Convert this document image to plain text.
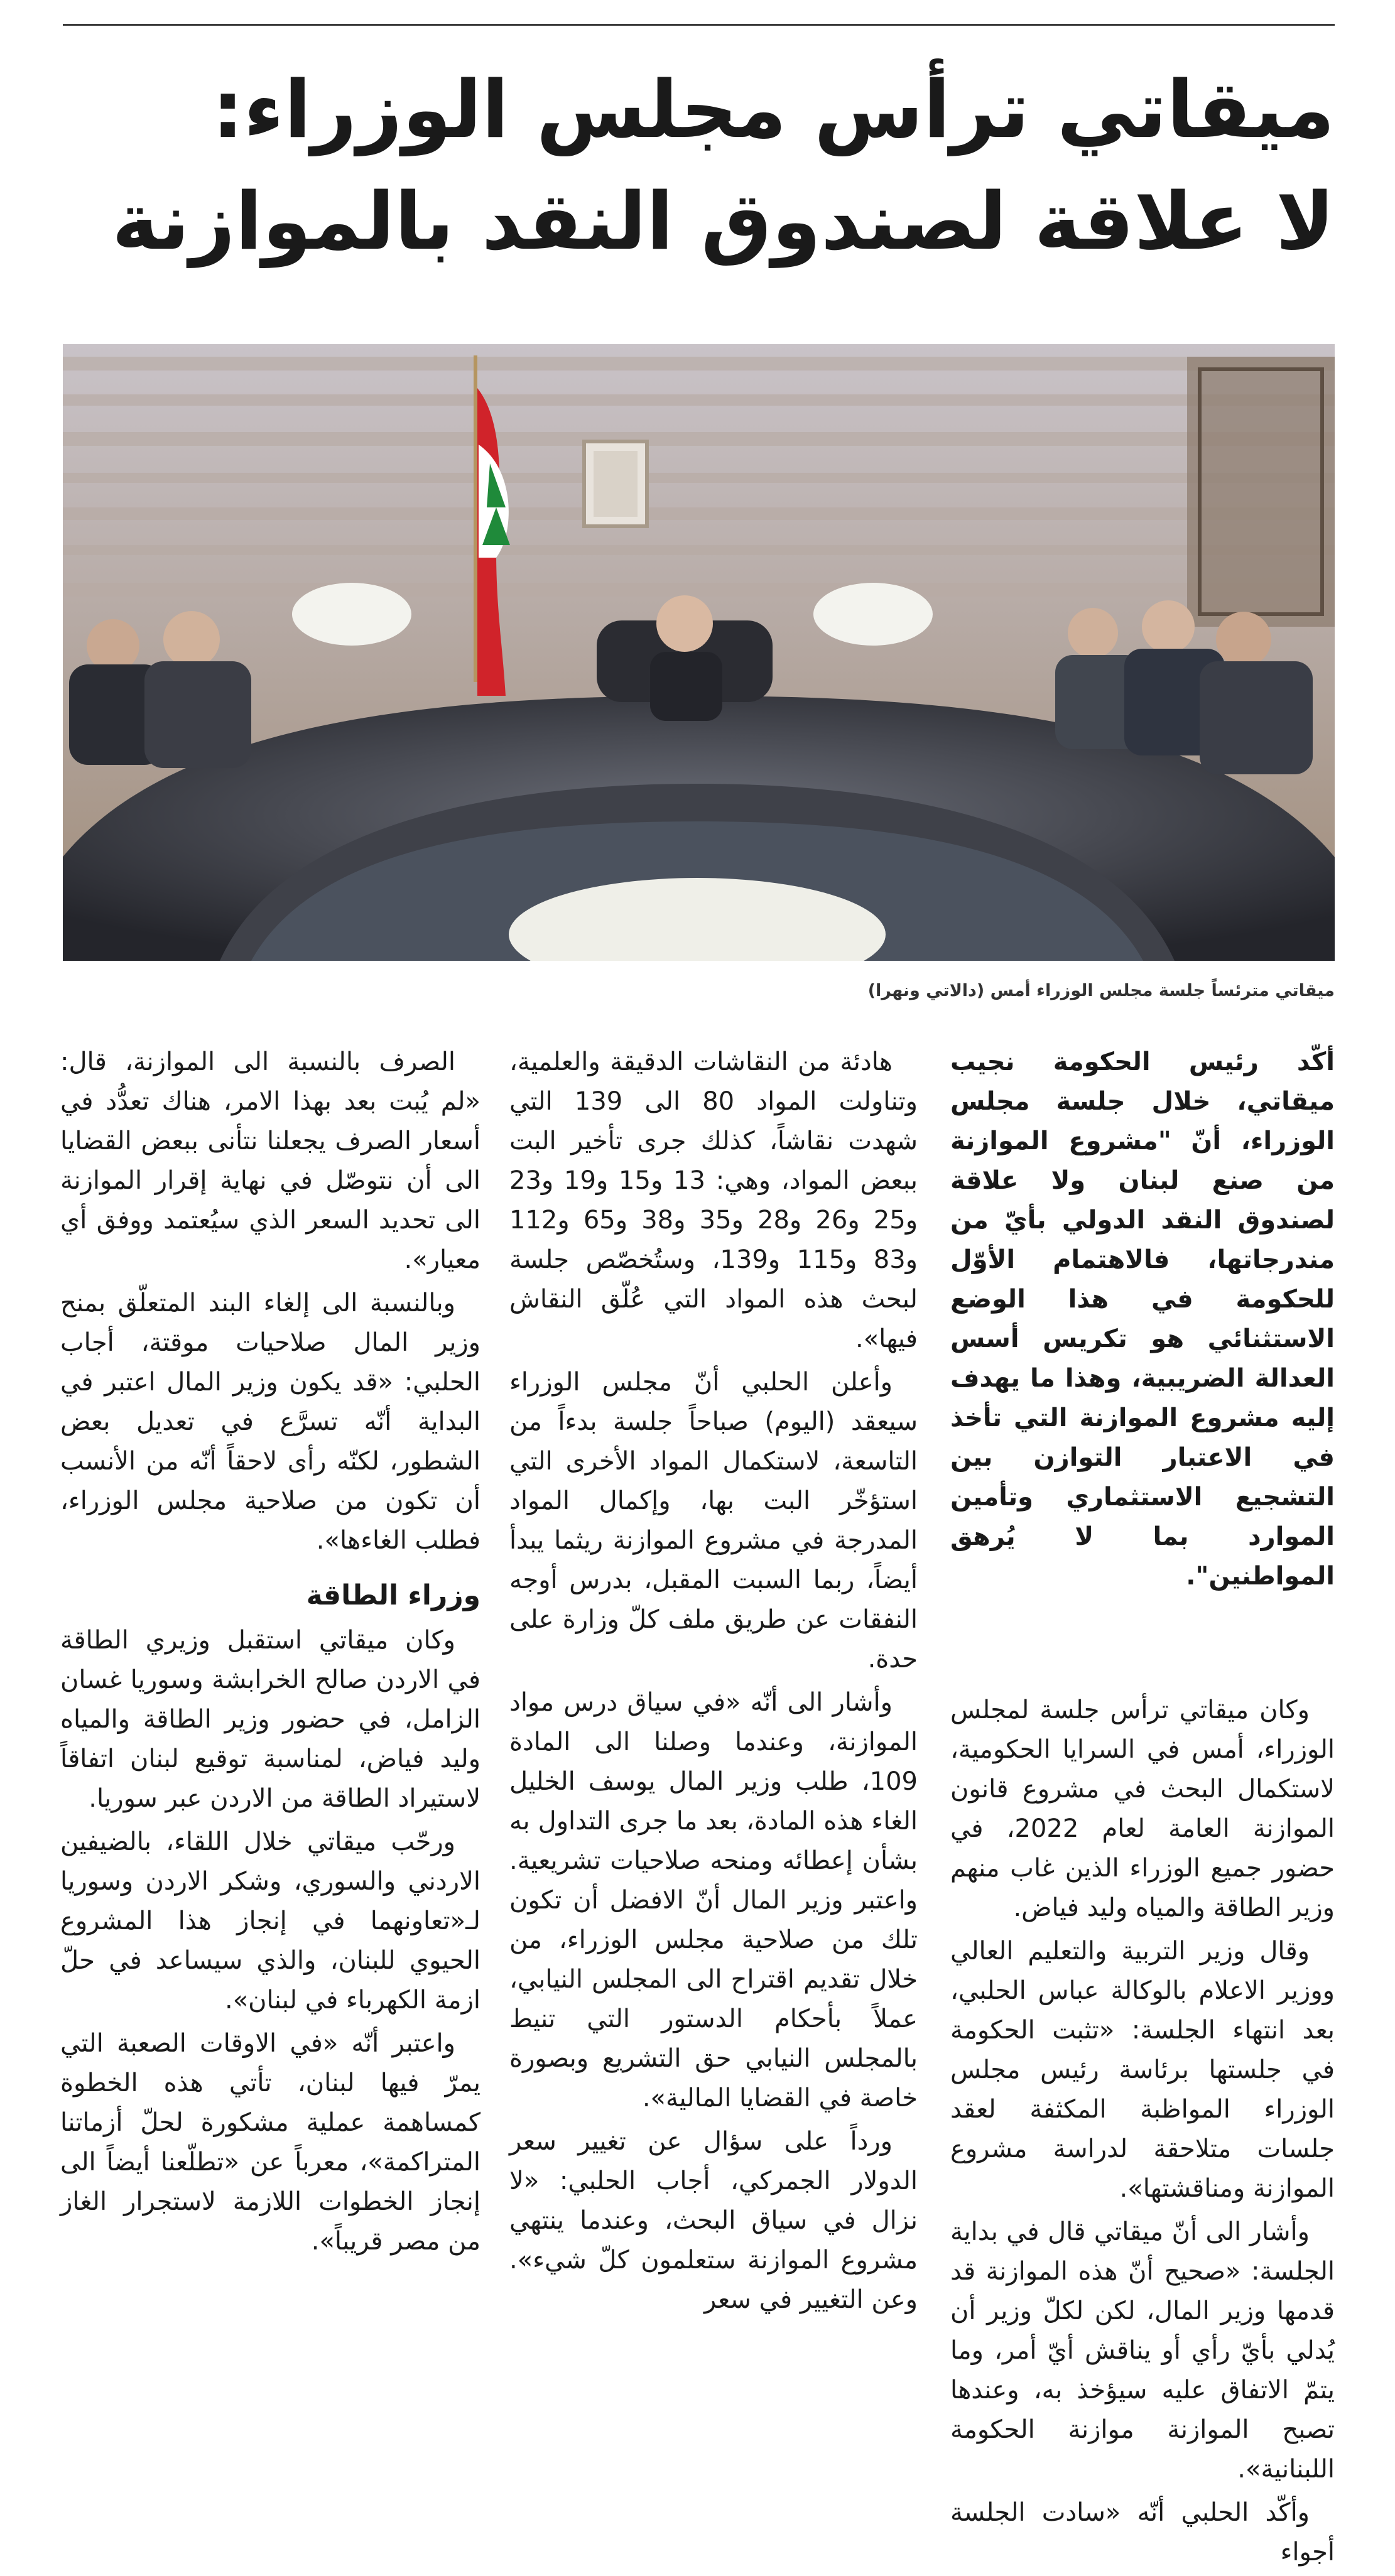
ميقاتي ترأس مجلس الوزراء:
لا علاقة لصندوق النقد بالموازنة
ميقاتي مترئساً جلسة مجلس الوزراء أمس (دالاتي ونهرا)

أكّد رئيس الحكومة نجيب ميقاتي، خلال جلسة مجلس الوزراء، أنّ "مشروع الموازنة من صنع لبنان ولا علاقة لصندوق النقد الدولي بأيّ من مندرجاتها، فالاهتمام الأوّل للحكومة في هذا الوضع الاستثنائي هو تكريس أسس العدالة الضريبية، وهذا ما يهدف إليه مشروع الموازنة التي تأخذ في الاعتبار التوازن بين التشجيع الاستثماري وتأمين الموارد بما لا يُرهق المواطنين".

وكان ميقاتي ترأس جلسة لمجلس الوزراء، أمس في السرايا الحكومية، لاستكمال البحث في مشروع قانون الموازنة العامة لعام 2022، في حضور جميع الوزراء الذين غاب منهم وزير الطاقة والمياه وليد فياض.

وقال وزير التربية والتعليم العالي ووزير الاعلام بالوكالة عباس الحلبي، بعد انتهاء الجلسة: «تثبت الحكومة في جلستها برئاسة رئيس مجلس الوزراء المواظبة المكثفة لعقد جلسات متلاحقة لدراسة مشروع الموازنة ومناقشتها».

وأشار الى أنّ ميقاتي قال في بداية الجلسة: «صحيح أنّ هذه الموازنة قد قدمها وزير المال، لكن لكلّ وزير أن يُدلي بأيّ رأي أو يناقش أيّ أمر، وما يتمّ الاتفاق عليه سيؤخذ به، وعندها تصبح الموازنة موازنة الحكومة اللبنانية».

وأكّد الحلبي أنّه «سادت الجلسة أجواء

هادئة من النقاشات الدقيقة والعلمية، وتناولت المواد 80 الى 139 التي شهدت نقاشاً، كذلك جرى تأخير البت ببعض المواد، وهي: 13 و15 و19 و23 و25 و26 و28 و35 و38 و65 و112 و83 و115 و139، وستُخصّص جلسة لبحث هذه المواد التي عُلّق النقاش فيها».

وأعلن الحلبي أنّ مجلس الوزراء سيعقد (اليوم) صباحاً جلسة بدءاً من التاسعة، لاستكمال المواد الأخرى التي استؤخّر البت بها، وإكمال المواد المدرجة في مشروع الموازنة ريثما يبدأ أيضاً، ربما السبت المقبل، بدرس أوجه النفقات عن طريق ملف كلّ وزارة على حدة.

وأشار الى أنّه «في سياق درس مواد الموازنة، وعندما وصلنا الى المادة 109، طلب وزير المال يوسف الخليل الغاء هذه المادة، بعد ما جرى التداول به بشأن إعطائه ومنحه صلاحيات تشريعية. واعتبر وزير المال أنّ الافضل أن تكون تلك من صلاحية مجلس الوزراء، من خلال تقديم اقتراح الى المجلس النيابي، عملاً بأحكام الدستور التي تنيط بالمجلس النيابي حق التشريع وبصورة خاصة في القضايا المالية».

ورداً على سؤال عن تغيير سعر الدولار الجمركي، أجاب الحلبي: «لا نزال في سياق البحث، وعندما ينتهي مشروع الموازنة ستعلمون كلّ شيء». وعن التغيير في سعر

الصرف بالنسبة الى الموازنة، قال: «لم يُبت بعد بهذا الامر، هناك تعدُّد في أسعار الصرف يجعلنا نتأنى ببعض القضايا الى أن نتوصّل في نهاية إقرار الموازنة الى تحديد السعر الذي سيُعتمد ووفق أي معيار».

وبالنسبة الى إلغاء البند المتعلّق بمنح وزير المال صلاحيات موقتة، أجاب الحلبي: «قد يكون وزير المال اعتبر في البداية أنّه تسرَّع في تعديل بعض الشطور، لكنّه رأى لاحقاً أنّه من الأنسب أن تكون من صلاحية مجلس الوزراء، فطلب الغاءها».

وزراء الطاقة

وكان ميقاتي استقبل وزيري الطاقة في الاردن صالح الخرابشة وسوريا غسان الزامل، في حضور وزير الطاقة والمياه وليد فياض، لمناسبة توقيع لبنان اتفاقاً لاستيراد الطاقة من الاردن عبر سوريا.

ورحّب ميقاتي خلال اللقاء، بالضيفين الاردني والسوري، وشكر الاردن وسوريا لـ«تعاونهما في إنجاز هذا المشروع الحيوي للبنان، والذي سيساعد في حلّ ازمة الكهرباء في لبنان».

واعتبر أنّه «في الاوقات الصعبة التي يمرّ فيها لبنان، تأتي هذه الخطوة كمساهمة عملية مشكورة لحلّ أزماتنا المتراكمة»، معرباً عن «تطلّعنا أيضاً الى إنجاز الخطوات اللازمة لاستجرار الغاز من مصر قريباً».
